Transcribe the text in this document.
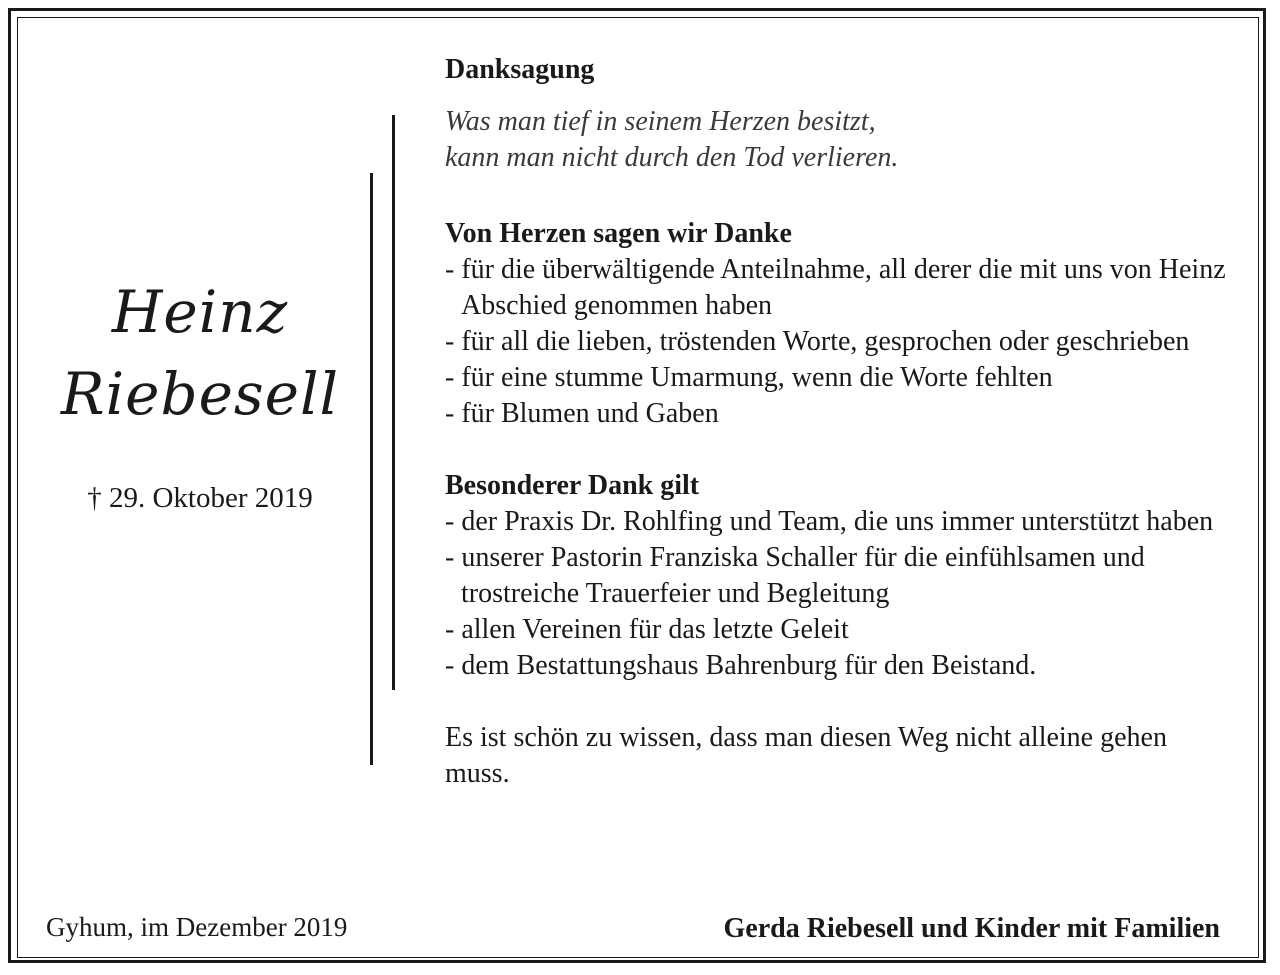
Heinz
Riebesell
† 29. Oktober 2019
Danksagung
Was man tief in seinem Herzen besitzt,
kann man nicht durch den Tod verlieren.
Von Herzen sagen wir Danke
- für die überwältigende Anteilnahme, all derer die mit uns von Heinz Abschied genommen haben
- für all die lieben, tröstenden Worte, gesprochen oder geschrieben
- für eine stumme Umarmung, wenn die Worte fehlten
- für Blumen und Gaben
Besonderer Dank gilt
- der Praxis Dr. Rohlfing und Team, die uns immer unterstützt haben
- unserer Pastorin Franziska Schaller für die einfühlsamen und trostreiche Trauerfeier und Begleitung
- allen Vereinen für das letzte Geleit
- dem Bestattungshaus Bahrenburg für den Beistand.
Es ist schön zu wissen, dass man diesen Weg nicht alleine gehen muss.
Gyhum, im Dezember 2019	Gerda Riebesell und Kinder mit Familien
